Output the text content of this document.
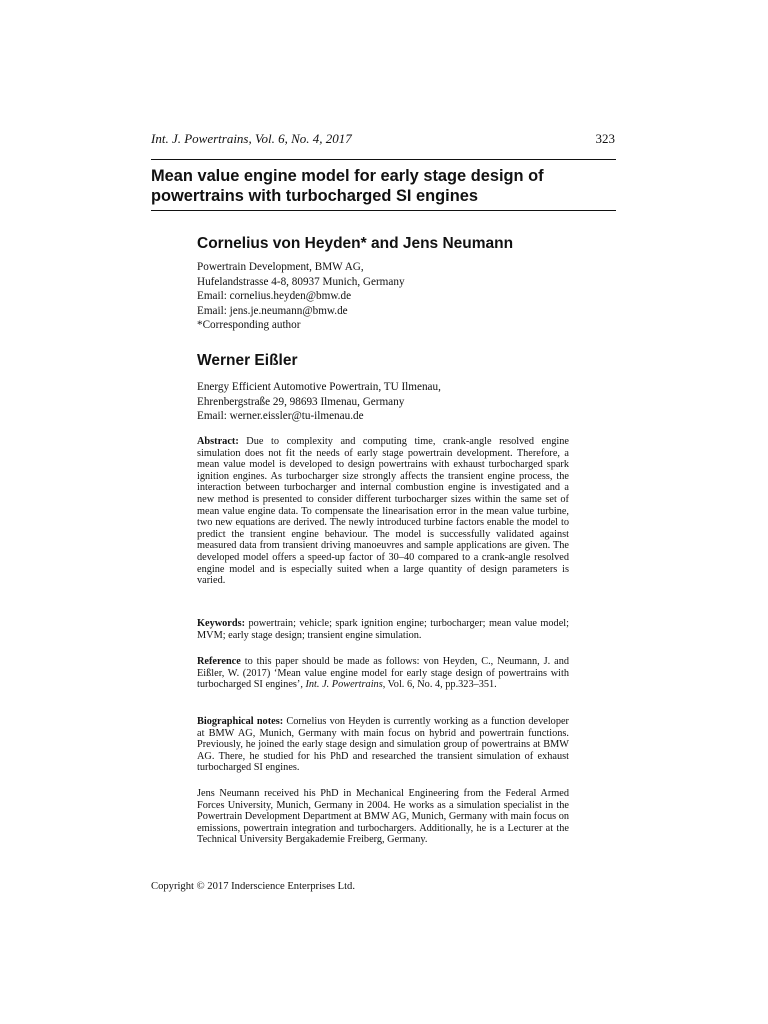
Int. J. Powertrains, Vol. 6, No. 4, 2017	323
Mean value engine model for early stage design of
powertrains with turbocharged SI engines
Cornelius von Heyden* and Jens Neumann
Powertrain Development, BMW AG,
Hufelandstrasse 4-8, 80937 Munich, Germany
Email: cornelius.heyden@bmw.de
Email: jens.je.neumann@bmw.de
*Corresponding author
Werner Eißler
Energy Efficient Automotive Powertrain, TU Ilmenau,
Ehrenbergstraße 29, 98693 Ilmenau, Germany
Email: werner.eissler@tu-ilmenau.de

Abstract: Due to complexity and computing time, crank-angle resolved engine simulation does not fit the needs of early stage powertrain development. Therefore, a mean value model is developed to design powertrains with exhaust turbocharged spark ignition engines. As turbocharger size strongly affects the transient engine process, the interaction between turbocharger and internal combustion engine is investigated and a new method is presented to consider different turbocharger sizes within the same set of mean value engine data. To compensate the linearisation error in the mean value turbine, two new equations are derived. The newly introduced turbine factors enable the model to predict the transient engine behaviour. The model is successfully validated against measured data from transient driving manoeuvres and sample applications are given. The developed model offers a speed-up factor of 30–40 compared to a crank-angle resolved engine model and is especially suited when a large quantity of design parameters is varied.

Keywords: powertrain; vehicle; spark ignition engine; turbocharger; mean value model; MVM; early stage design; transient engine simulation.

Reference to this paper should be made as follows: von Heyden, C., Neumann, J. and Eißler, W. (2017) ‘Mean value engine model for early stage design of powertrains with turbocharged SI engines’, Int. J. Powertrains, Vol. 6, No. 4, pp.323–351.

Biographical notes: Cornelius von Heyden is currently working as a function developer at BMW AG, Munich, Germany with main focus on hybrid and powertrain functions. Previously, he joined the early stage design and simulation group of powertrains at BMW AG. There, he studied for his PhD and researched the transient simulation of exhaust turbocharged SI engines.

Jens Neumann received his PhD in Mechanical Engineering from the Federal Armed Forces University, Munich, Germany in 2004. He works as a simulation specialist in the Powertrain Development Department at BMW AG, Munich, Germany with main focus on emissions, powertrain integration and turbochargers. Additionally, he is a Lecturer at the Technical University Bergakademie Freiberg, Germany.

Copyright © 2017 Inderscience Enterprises Ltd.
